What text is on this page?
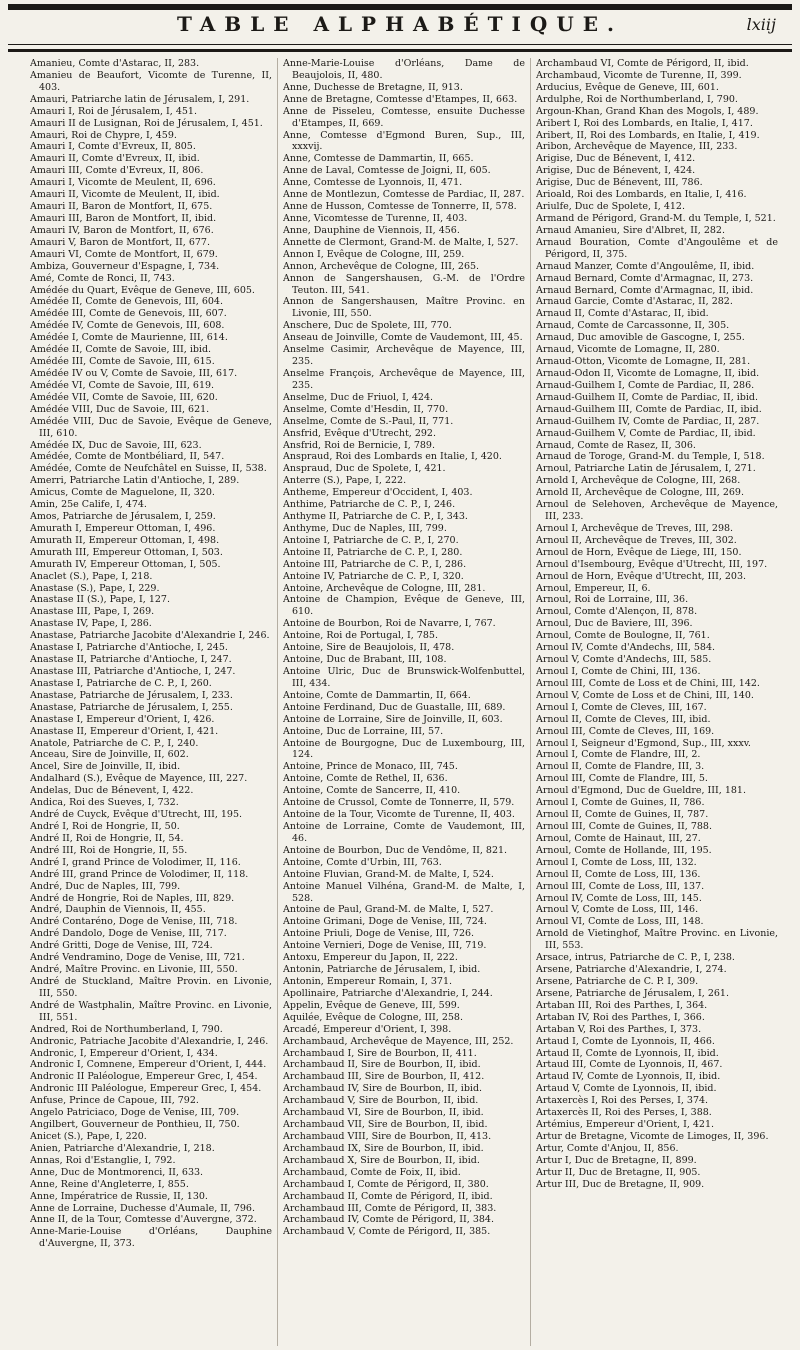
TABLE ALPHABÉTIQUE.	lxiij
Amanieu, Comte d'Astarac, II, 283.
Amanieu de Beaufort, Vicomte de Turenne, II, 403.
Amauri, Patriarche latin de Jérusalem, I, 291.
Amauri I, Roi de Jérusalem, I, 451.
Amauri II de Lusignan, Roi de Jérusalem, I, 451.
Amauri, Roi de Chypre, I, 459.
Amauri I, Comte d'Evreux, II, 805.
Amauri II, Comte d'Evreux, II, ibid.
Amauri III, Comte d'Evreux, II, 806.
Amauri I, Vicomte de Meulent, II, 696.
Amauri II, Vicomte de Meulent, II, ibid.
Amauri II, Baron de Montfort, II, 675.
Amauri III, Baron de Montfort, II, ibid.
Amauri IV, Baron de Montfort, II, 676.
Amauri V, Baron de Montfort, II, 677.
Amauri VI, Comte de Montfort, II, 679.
Ambiza, Gouverneur d'Espagne, I, 734.
Amé, Comte de Ronci, II, 743.
Amédée du Quart, Evêque de Geneve, III, 605.
Amédée II, Comte de Genevois, III, 604.
Amédée III, Comte de Genevois, III, 607.
Amédée IV, Comte de Genevois, III, 608.
Amédée I, Comte de Maurienne, III, 614.
Amédée II, Comte de Savoie, III, ibid.
Amédée III, Comte de Savoie, III, 615.
Amédée IV ou V, Comte de Savoie, III, 617.
Amédée VI, Comte de Savoie, III, 619.
Amédée VII, Comte de Savoie, III, 620.
Amédée VIII, Duc de Savoie, III, 621.
Amédée VIII, Duc de Savoie, Evêque de Geneve, III, 610.
Amédée IX, Duc de Savoie, III, 623.
Amédée, Comte de Montbéliard, II, 547.
Amédée, Comte de Neufchâtel en Suisse, II, 538.
Amerri, Patriarche Latin d'Antioche, I, 289.
Amicus, Comte de Maguelone, II, 320.
Amin, 25e Calife, I, 474.
Amos, Patriarche de Jérusalem, I, 259.
Amurath I, Empereur Ottoman, I, 496.
Amurath II, Empereur Ottoman, I, 498.
Amurath III, Empereur Ottoman, I, 503.
Amurath IV, Empereur Ottoman, I, 505.
Anaclet (S.), Pape, I, 218.
Anastase (S.), Pape, I, 229.
Anastase II (S.), Pape, I, 127.
Anastase III, Pape, I, 269.
Anastase IV, Pape, I, 286.
Anastase, Patriarche Jacobite d'Alexandrie I, 246.
Anastase I, Patriarche d'Antioche, I, 245.
Anastase II, Patriarche d'Antioche, I, 247.
Anastase III, Patriarche d'Antioche, I, 247.
Anastase I, Patriarche de C. P., I, 260.
Anastase, Patriarche de Jérusalem, I, 233.
Anastase, Patriarche de Jérusalem, I, 255.
Anastase I, Empereur d'Orient, I, 426.
Anastase II, Empereur d'Orient, I, 421.
Anatole, Patriarche de C. P., I, 240.
Anceau, Sire de Joinville, II, 602.
Ancel, Sire de Joinville, II, ibid.
Andalhard (S.), Evêque de Mayence, III, 227.
Andelas, Duc de Bénevent, I, 422.
Andica, Roi des Sueves, I, 732.
André de Cuyck, Evêque d'Utrecht, III, 195.
André I, Roi de Hongrie, II, 50.
André II, Roi de Hongrie, II, 54.
André III, Roi de Hongrie, II, 55.
André I, grand Prince de Volodimer, II, 116.
André III, grand Prince de Volodimer, II, 118.
André, Duc de Naples, III, 799.
André de Hongrie, Roi de Naples, III, 829.
André, Dauphin de Viennois, II, 455.
André Contaréno, Doge de Venise, III, 718.
André Dandolo, Doge de Venise, III, 717.
André Gritti, Doge de Venise, III, 724.
André Vendramino, Doge de Venise, III, 721.
André, Maître Provinc. en Livonie, III, 550.
André de Stuckland, Maître Provin. en Livonie, III, 550.
André de Wastphalin, Maître Provinc. en Livonie, III, 551.
Andred, Roi de Northumberland, I, 790.
Andronic, Patriache Jacobite d'Alexandrie, I, 246.
Andronic, I, Empereur d'Orient, I, 434.
Andronic I, Comnene, Empereur d'Orient, I, 444.
Andronic II Paléologue, Empereur Grec, I, 454.
Andronic III Paléologue, Empereur Grec, I, 454.
Anfuse, Prince de Capoue, III, 792.
Angelo Patriciaco, Doge de Venise, III, 709.
Angilbert, Gouverneur de Ponthieu, II, 750.
Anicet (S.), Pape, I, 220.
Anien, Patriarche d'Alexandrie, I, 218.
Annas, Roi d'Estanglie, I, 792.
Anne, Duc de Montmorenci, II, 633.
Anne, Reine d'Angleterre, I, 855.
Anne, Impératrice de Russie, II, 130.
Anne de Lorraine, Duchesse d'Aumale, II, 796.
Anne II, de la Tour, Comtesse d'Auvergne, 372.
Anne-Marie-Louise d'Orléans, Dauphine d'Auvergne, II, 373.
Anne-Marie-Louise d'Orléans, Dame de Beaujolois, II, 480.
Anne, Duchesse de Bretagne, II, 913.
Anne de Bretagne, Comtesse d'Etampes, II, 663.
Anne de Pisseleu, Comtesse, ensuite Duchesse d'Etampes, II, 669.
Anne, Comtesse d'Egmond Buren, Sup., III, xxxvij.
Anne, Comtesse de Dammartin, II, 665.
Anne de Laval, Comtesse de Joigni, II, 605.
Anne, Comtesse de Lyonnois, II, 471.
Anne de Montlezun, Comtesse de Pardiac, II, 287.
Anne de Husson, Comtesse de Tonnerre, II, 578.
Anne, Vicomtesse de Turenne, II, 403.
Anne, Dauphine de Viennois, II, 456.
Annette de Clermont, Grand-M. de Malte, I, 527.
Annon I, Evêque de Cologne, III, 259.
Annon, Archevêque de Cologne, III, 265.
Annon de Sangershausen, G.-M. de l'Ordre Teuton. III, 541.
Annon de Sangershausen, Maître Provinc. en Livonie, III, 550.
Anschere, Duc de Spolete, III, 770.
Anseau de Joinville, Comte de Vaudemont, III, 45.
Anselme Casimir, Archevêque de Mayence, III, 235.
Anselme François, Archevêque de Mayence, III, 235.
Anselme, Duc de Friuol, I, 424.
Anselme, Comte d'Hesdin, II, 770.
Anselme, Comte de S.-Paul, II, 771.
Ansfrid, Evêque d'Utrecht, 292.
Ansfrid, Roi de Bernicie, I, 789.
Anspraud, Roi des Lombards en Italie, I, 420.
Anspraud, Duc de Spolete, I, 421.
Anterre (S.), Pape, I, 222.
Antheme, Empereur d'Occident, I, 403.
Anthime, Patriarche de C. P., I, 246.
Anthyme II, Patriarche de C. P., I, 343.
Anthyme, Duc de Naples, III, 799.
Antoine I, Patriarche de C. P., I, 270.
Antoine II, Patriarche de C. P., I, 280.
Antoine III, Patriarche de C. P., I, 286.
Antoine IV, Patriarche de C. P., I, 320.
Antoine, Archevêque de Cologne, III, 281.
Antoine de Champion, Evêque de Geneve, III, 610.
Antoine de Bourbon, Roi de Navarre, I, 767.
Antoine, Roi de Portugal, I, 785.
Antoine, Sire de Beaujolois, II, 478.
Antoine, Duc de Brabant, III, 108.
Antoine Ulric, Duc de Brunswick-Wolfenbuttel, III, 434.
Antoine, Comte de Dammartin, II, 664.
Antoine Ferdinand, Duc de Guastalle, III, 689.
Antoine de Lorraine, Sire de Joinville, II, 603.
Antoine, Duc de Lorraine, III, 57.
Antoine de Bourgogne, Duc de Luxembourg, III, 124.
Antoine, Prince de Monaco, III, 745.
Antoine, Comte de Rethel, II, 636.
Antoine, Comte de Sancerre, II, 410.
Antoine de Crussol, Comte de Tonnerre, II, 579.
Antoine de la Tour, Vicomte de Turenne, II, 403.
Antoine de Lorraine, Comte de Vaudemont, III, 46.
Antoine de Bourbon, Duc de Vendôme, II, 821.
Antoine, Comte d'Urbin, III, 763.
Antoine Fluvian, Grand-M. de Malte, I, 524.
Antoine Manuel Vilhéna, Grand-M. de Malte, I, 528.
Antoine de Paul, Grand-M. de Malte, I, 527.
Antoine Grimani, Doge de Venise, III, 724.
Antoine Priuli, Doge de Venise, III, 726.
Antoine Vernieri, Doge de Venise, III, 719.
Antoxu, Empereur du Japon, II, 222.
Antonin, Patriarche de Jérusalem, I, ibid.
Antonin, Empereur Romain, I, 371.
Apollinaire, Patriarche d'Alexandrie, I, 244.
Appelin, Evêque de Geneve, III, 599.
Aquilée, Evêque de Cologne, III, 258.
Arcadé, Empereur d'Orient, I, 398.
Archambaud, Archevêque de Mayence, III, 252.
Archambaud I, Sire de Bourbon, II, 411.
Archambaud II, Sire de Bourbon, II, ibid.
Archambaud III, Sire de Bourbon, II, 412.
Archambaud IV, Sire de Bourbon, II, ibid.
Archambaud V, Sire de Bourbon, II, ibid.
Archambaud VI, Sire de Bourbon, II, ibid.
Archambaud VII, Sire de Bourbon, II, ibid.
Archambaud VIII, Sire de Bourbon, II, 413.
Archambaud IX, Sire de Bourbon, II, ibid.
Archambaud X, Sire de Bourbon, II, ibid.
Archambaud, Comte de Foix, II, ibid.
Archambaud I, Comte de Périgord, II, 380.
Archambaud II, Comte de Périgord, II, ibid.
Archambaud III, Comte de Périgord, II, 383.
Archambaud IV, Comte de Périgord, II, 384.
Archambaud V, Comte de Périgord, II, 385.
Archambaud VI, Comte de Périgord, II, ibid.
Archambaud, Vicomte de Turenne, II, 399.
Arducius, Evêque de Geneve, III, 601.
Ardulphe, Roi de Northumberland, I, 790.
Argoun-Khan, Grand Khan des Mogols, I, 489.
Aribert I, Roi des Lombards, en Italie, I, 417.
Aribert, II, Roi des Lombards, en Italie, I, 419.
Aribon, Archevêque de Mayence, III, 233.
Arigise, Duc de Bénevent, I, 412.
Arigise, Duc de Bénevent, I, 424.
Arigise, Duc de Bénevent, III, 786.
Arioald, Roi des Lombards, en Italie, I, 416.
Ariulfe, Duc de Spolete, I, 412.
Armand de Périgord, Grand-M. du Temple, I, 521.
Arnaud Amanieu, Sire d'Albret, II, 282.
Arnaud Bouration, Comte d'Angoulême et de Périgord, II, 375.
Arnaud Manzer, Comte d'Angoulême, II, ibid.
Arnaud Bernard, Comte d'Armagnac, II, 273.
Arnaud Bernard, Comte d'Armagnac, II, ibid.
Arnaud Garcie, Comte d'Astarac, II, 282.
Arnaud II, Comte d'Astarac, II, ibid.
Arnaud, Comte de Carcassonne, II, 305.
Arnaud, Duc amovible de Gascogne, I, 255.
Arnaud, Vicomte de Lomagne, II, 280.
Arnaud-Otton, Vicomte de Lomagne, II, 281.
Arnaud-Odon II, Vicomte de Lomagne, II, ibid.
Arnaud-Guilhem I, Comte de Pardiac, II, 286.
Arnaud-Guilhem II, Comte de Pardiac, II, ibid.
Arnaud-Guilhem III, Comte de Pardiac, II, ibid.
Arnaud-Guilhem IV, Comte de Pardiac, II, 287.
Arnaud-Guilhem V, Comte de Pardiac, II, ibid.
Arnaud, Comte de Rasez, II, 306.
Arnaud de Toroge, Grand-M. du Temple, I, 518.
Arnoul, Patriarche Latin de Jérusalem, I, 271.
Arnold I, Archevêque de Cologne, III, 268.
Arnold II, Archevêque de Cologne, III, 269.
Arnoul de Selehoven, Archevêque de Mayence, III, 233.
Arnoul I, Archevêque de Treves, III, 298.
Arnoul II, Archevêque de Treves, III, 302.
Arnoul de Horn, Evêque de Liege, III, 150.
Arnoul d'Isembourg, Evêque d'Utrecht, III, 197.
Arnoul de Horn, Evêque d'Utrecht, III, 203.
Arnoul, Empereur, II, 6.
Arnoul, Roi de Lorraine, III, 36.
Arnoul, Comte d'Alençon, II, 878.
Arnoul, Duc de Baviere, III, 396.
Arnoul, Comte de Boulogne, II, 761.
Arnoul IV, Comte d'Andechs, III, 584.
Arnoul V, Comte d'Andechs, III, 585.
Arnoul I, Comte de Chini, III, 136.
Arnoul III, Comte de Loss et de Chini, III, 142.
Arnoul V, Comte de Loss et de Chini, III, 140.
Arnoul I, Comte de Cleves, III, 167.
Arnoul II, Comte de Cleves, III, ibid.
Arnoul III, Comte de Cleves, III, 169.
Arnoul I, Seigneur d'Egmond, Sup., III, xxxv.
Arnoul I, Comte de Flandre, III, 2.
Arnoul II, Comte de Flandre, III, 3.
Arnoul III, Comte de Flandre, III, 5.
Arnoul d'Egmond, Duc de Gueldre, III, 181.
Arnoul I, Comte de Guines, II, 786.
Arnoul II, Comte de Guines, II, 787.
Arnoul III, Comte de Guines, II, 788.
Arnoul, Comte de Hainaut, III, 27.
Arnoul, Comte de Hollande, III, 195.
Arnoul I, Comte de Loss, III, 132.
Arnoul II, Comte de Loss, III, 136.
Arnoul III, Comte de Loss, III, 137.
Arnoul IV, Comte de Loss, III, 145.
Arnoul V, Comte de Loss, III, 146.
Arnoul VI, Comte de Loss, III, 148.
Arnold de Vietinghof, Maître Provinc. en Livonie, III, 553.
Arsace, intrus, Patriarche de C. P., I, 238.
Arsene, Patriarche d'Alexandrie, I, 274.
Arsene, Patriarche de C. P. I, 309.
Arsene, Patriarche de Jérusalem, I, 261.
Artaban III, Roi des Parthes, I, 364.
Artaban IV, Roi des Parthes, I, 366.
Artaban V, Roi des Parthes, I, 373.
Artaud I, Comte de Lyonnois, II, 466.
Artaud II, Comte de Lyonnois, II, ibid.
Artaud III, Comte de Lyonnois, II, 467.
Artaud IV, Comte de Lyonnois, II, ibid.
Artaud V, Comte de Lyonnois, II, ibid.
Artaxercès I, Roi des Perses, I, 374.
Artaxercès II, Roi des Perses, I, 388.
Artémius, Empereur d'Orient, I, 421.
Artur de Bretagne, Vicomte de Limoges, II, 396.
Artur, Comte d'Anjou, II, 856.
Artur I, Duc de Bretagne, II, 899.
Artur II, Duc de Bretagne, II, 905.
Artur III, Duc de Bretagne, II, 909.
